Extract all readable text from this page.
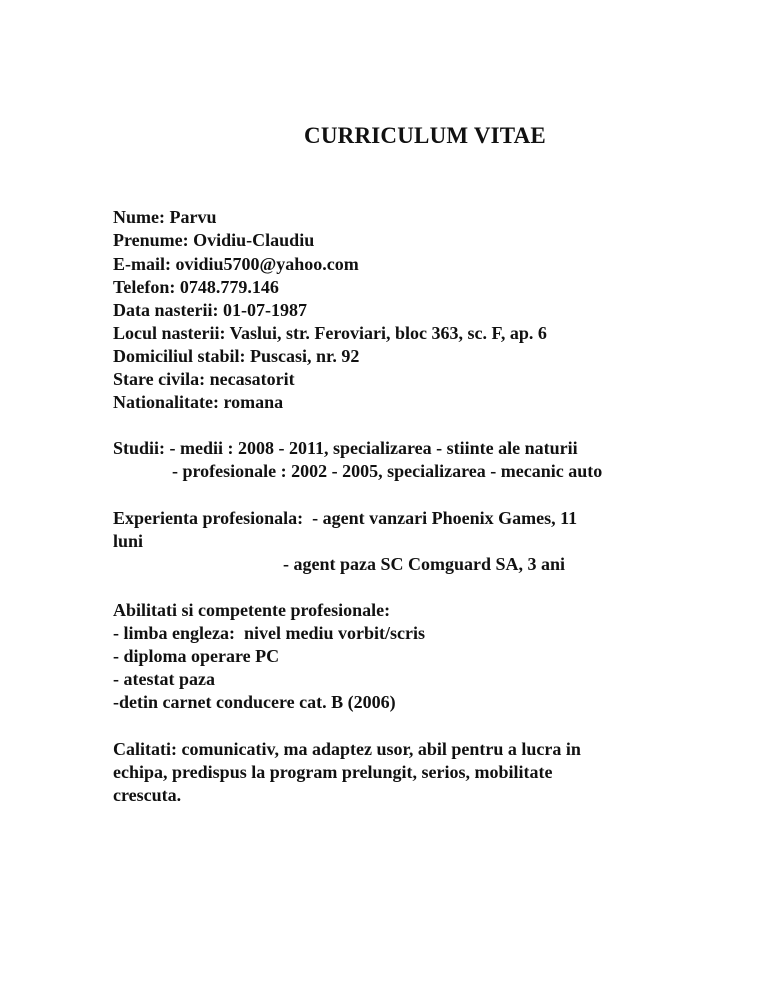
CURRICULUM VITAE
Nume: Parvu
Prenume: Ovidiu-Claudiu
E-mail: ovidiu5700@yahoo.com
Telefon: 0748.779.146
Data nasterii: 01-07-1987
Locul nasterii: Vaslui, str. Feroviari, bloc 363, sc. F, ap. 6
Domiciliul stabil: Puscasi, nr. 92
Stare civila: necasatorit
Nationalitate: romana
Studii: - medii : 2008 - 2011, specializarea - stiinte ale naturii
- profesionale : 2002 - 2005, specializarea - mecanic auto
Experienta profesionala:  - agent vanzari Phoenix Games, 11
luni
- agent paza SC Comguard SA, 3 ani
Abilitati si competente profesionale:
- limba engleza:  nivel mediu vorbit/scris
- diploma operare PC
- atestat paza
-detin carnet conducere cat. B (2006)
Calitati: comunicativ, ma adaptez usor, abil pentru a lucra in
echipa, predispus la program prelungit, serios, mobilitate
crescuta.
